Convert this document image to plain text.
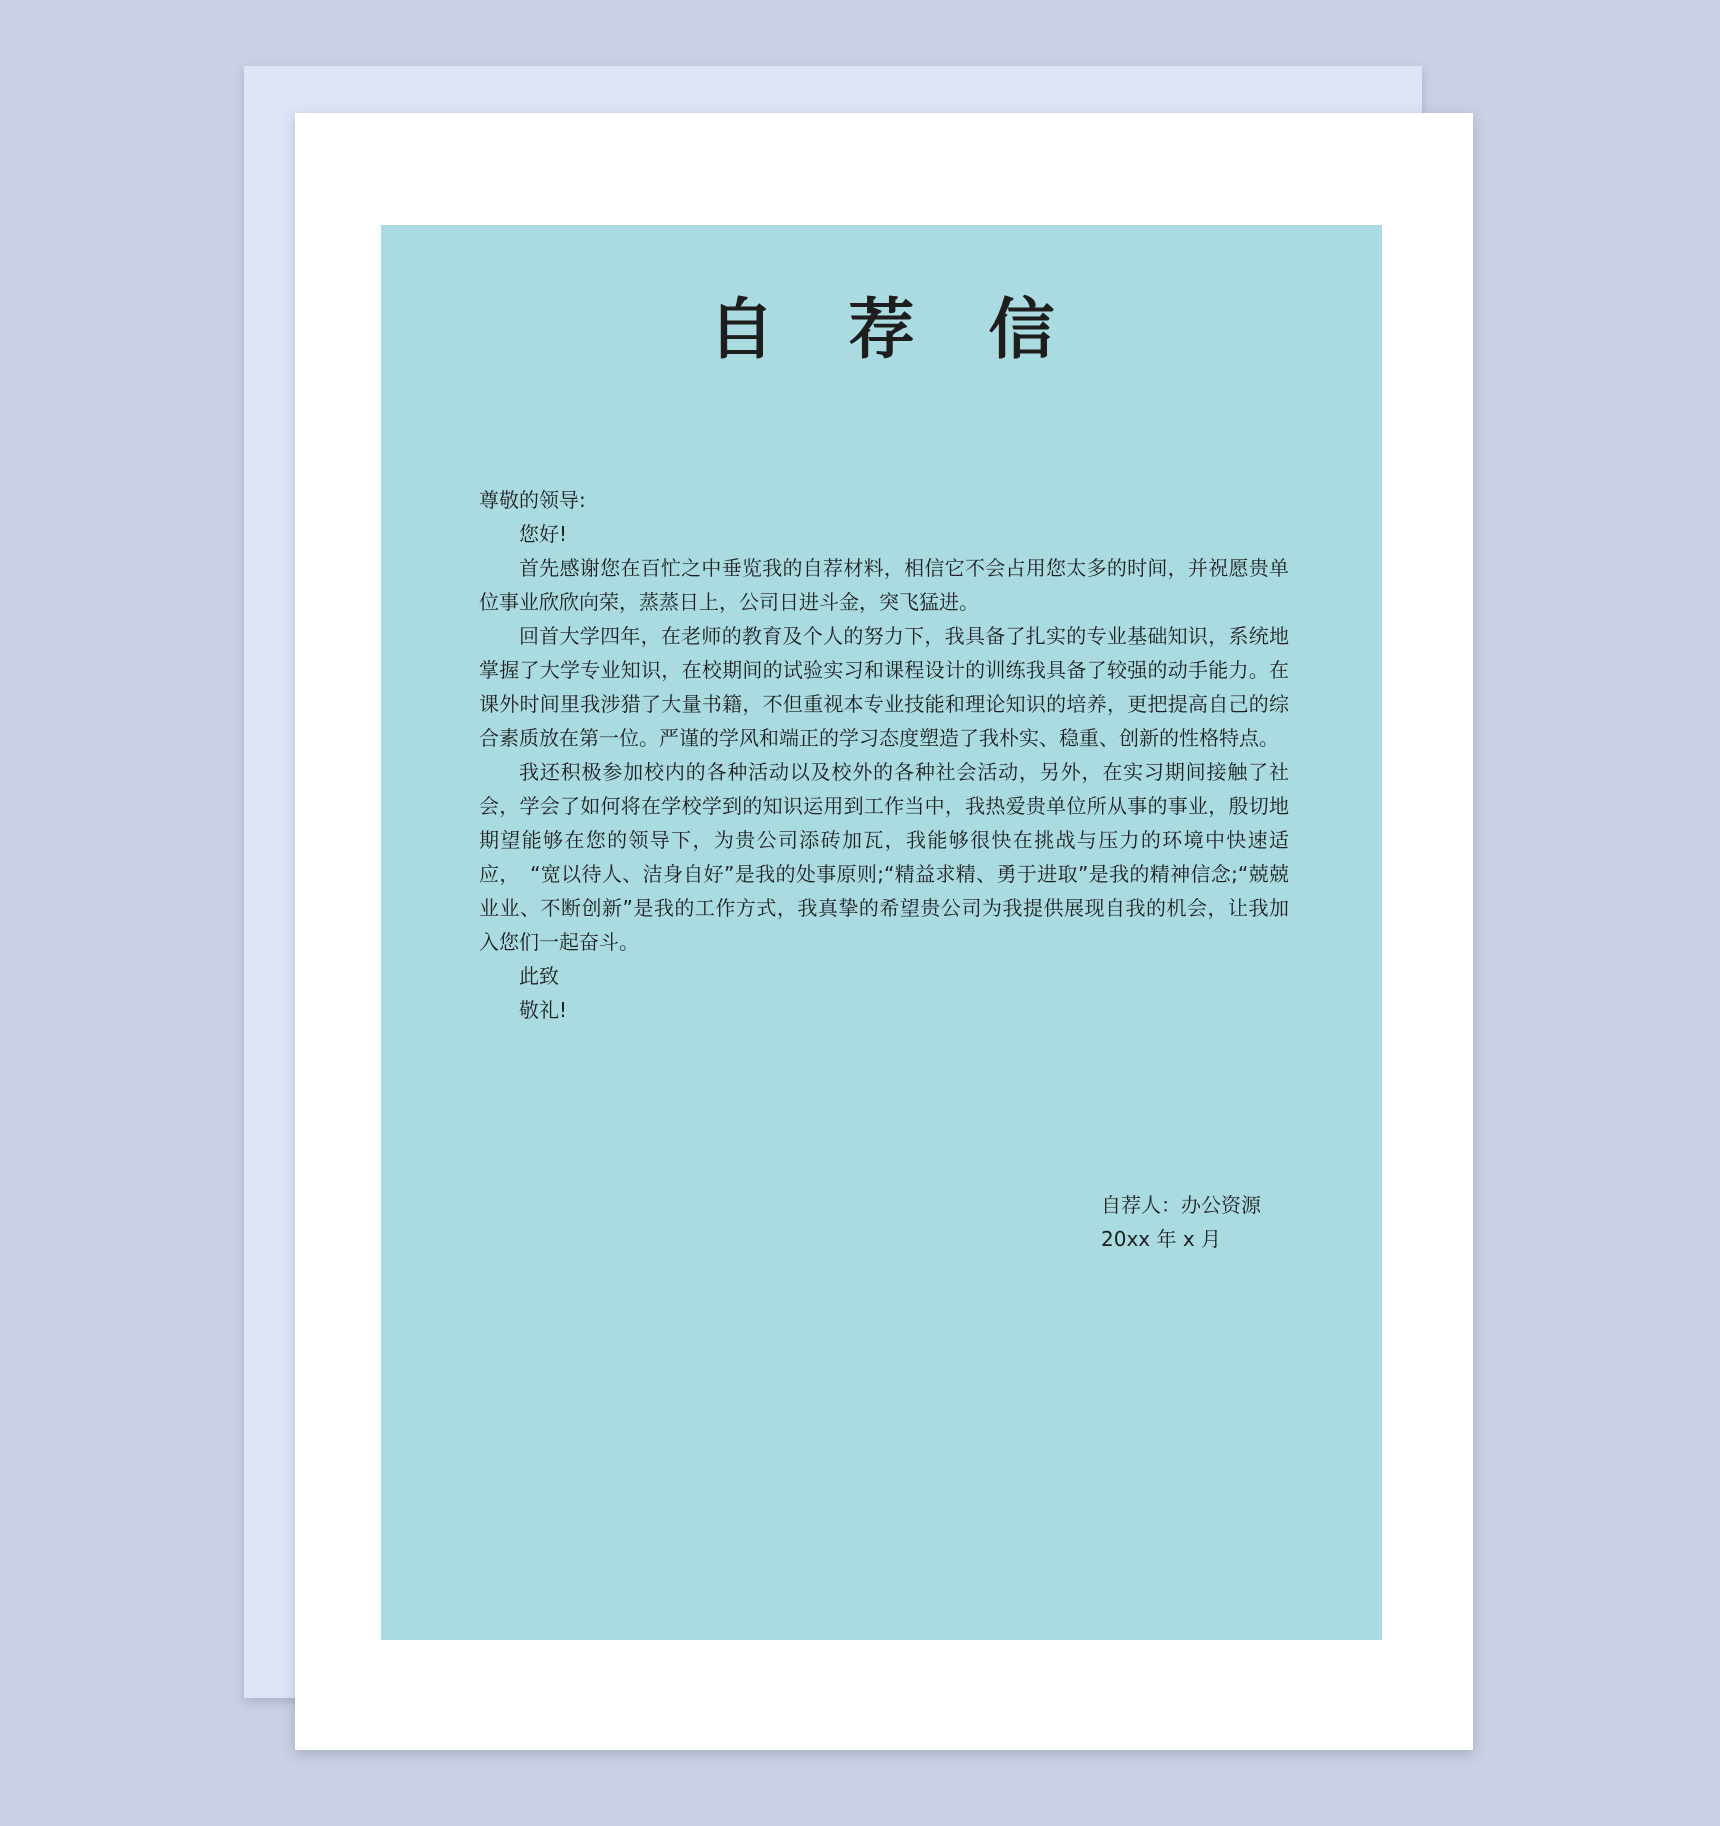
自荐信

尊敬的领导:

您好!

首先感谢您在百忙之中垂览我的自荐材料，相信它不会占用您太多的时间，并祝愿贵单位事业欣欣向荣，蒸蒸日上，公司日进斗金，突飞猛进。

回首大学四年，在老师的教育及个人的努力下，我具备了扎实的专业基础知识，系统地掌握了大学专业知识，在校期间的试验实习和课程设计的训练我具备了较强的动手能力。在课外时间里我涉猎了大量书籍，不但重视本专业技能和理论知识的培养，更把提高自己的综合素质放在第一位。严谨的学风和端正的学习态度塑造了我朴实、稳重、创新的性格特点。

我还积极参加校内的各种活动以及校外的各种社会活动，另外，在实习期间接触了社会，学会了如何将在学校学到的知识运用到工作当中，我热爱贵单位所从事的事业，殷切地期望能够在您的领导下，为贵公司添砖加瓦，我能够很快在挑战与压力的环境中快速适应，　“宽以待人、洁身自好”是我的处事原则;“精益求精、勇于进取”是我的精神信念;“兢兢业业、不断创新”是我的工作方式，我真挚的希望贵公司为我提供展现自我的机会，让我加入您们一起奋斗。

此致

敬礼!

自荐人：办公资源
20xx 年 x 月
